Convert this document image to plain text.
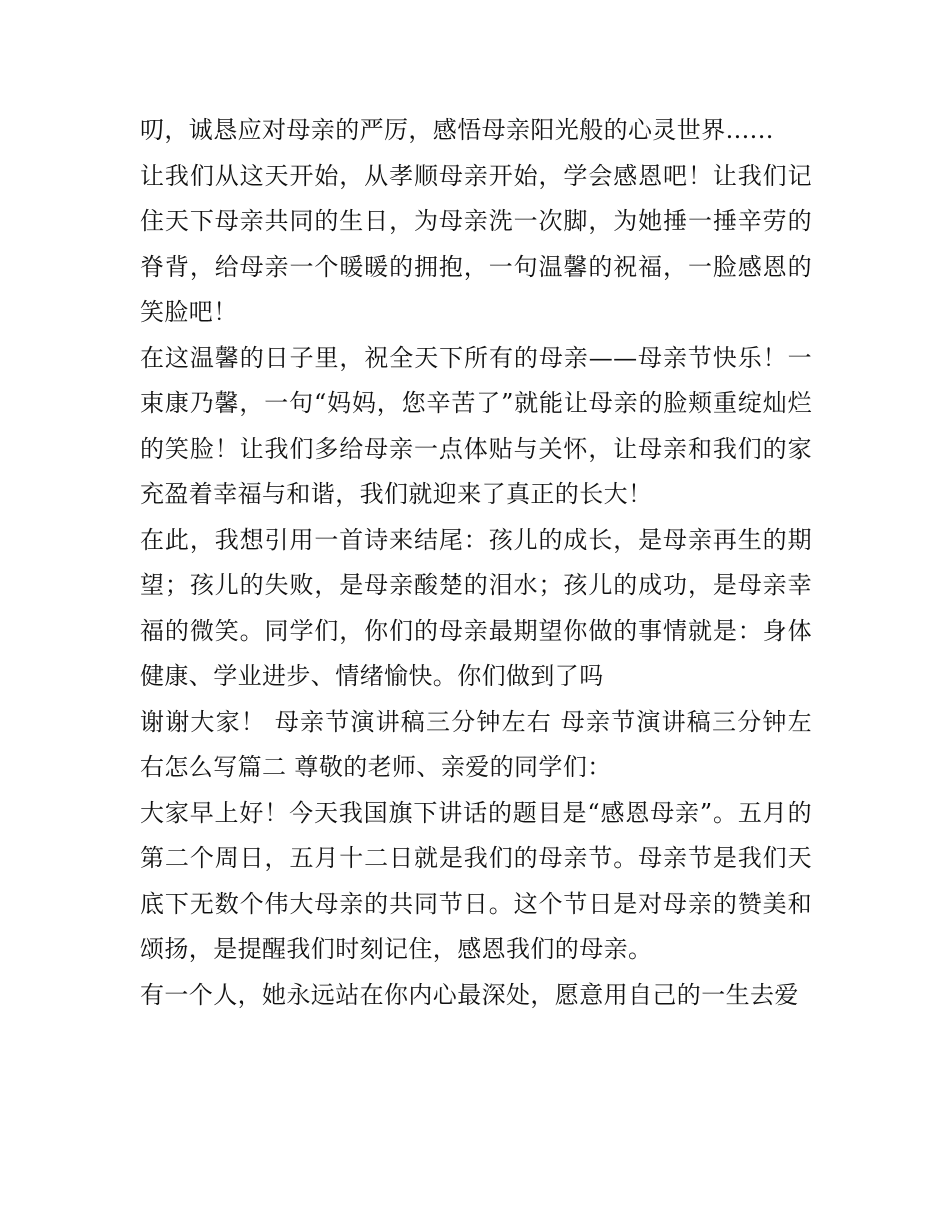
叨，诚恳应对母亲的严厉，感悟母亲阳光般的心灵世界......

让我们从这天开始，从孝顺母亲开始，学会感恩吧！让我们记住天下母亲共同的生日，为母亲洗一次脚，为她捶一捶辛劳的脊背，给母亲一个暖暖的拥抱，一句温馨的祝福，一脸感恩的笑脸吧！

在这温馨的日子里，祝全天下所有的母亲——母亲节快乐！一束康乃馨，一句“妈妈，您辛苦了”就能让母亲的脸颊重绽灿烂的笑脸！让我们多给母亲一点体贴与关怀，让母亲和我们的家充盈着幸福与和谐，我们就迎来了真正的长大！

在此，我想引用一首诗来结尾：孩儿的成长，是母亲再生的期望；孩儿的失败，是母亲酸楚的泪水；孩儿的成功，是母亲幸福的微笑。同学们，你们的母亲最期望你做的事情就是：身体健康、学业进步、情绪愉快。你们做到了吗

谢谢大家！ 母亲节演讲稿三分钟左右 母亲节演讲稿三分钟左右怎么写篇二 尊敬的老师、亲爱的同学们：

大家早上好！今天我国旗下讲话的题目是“感恩母亲”。五月的第二个周日，五月十二日就是我们的母亲节。母亲节是我们天底下无数个伟大母亲的共同节日。这个节日是对母亲的赞美和颂扬，是提醒我们时刻记住，感恩我们的母亲。

有一个人，她永远站在你内心最深处，愿意用自己的一生去爱
